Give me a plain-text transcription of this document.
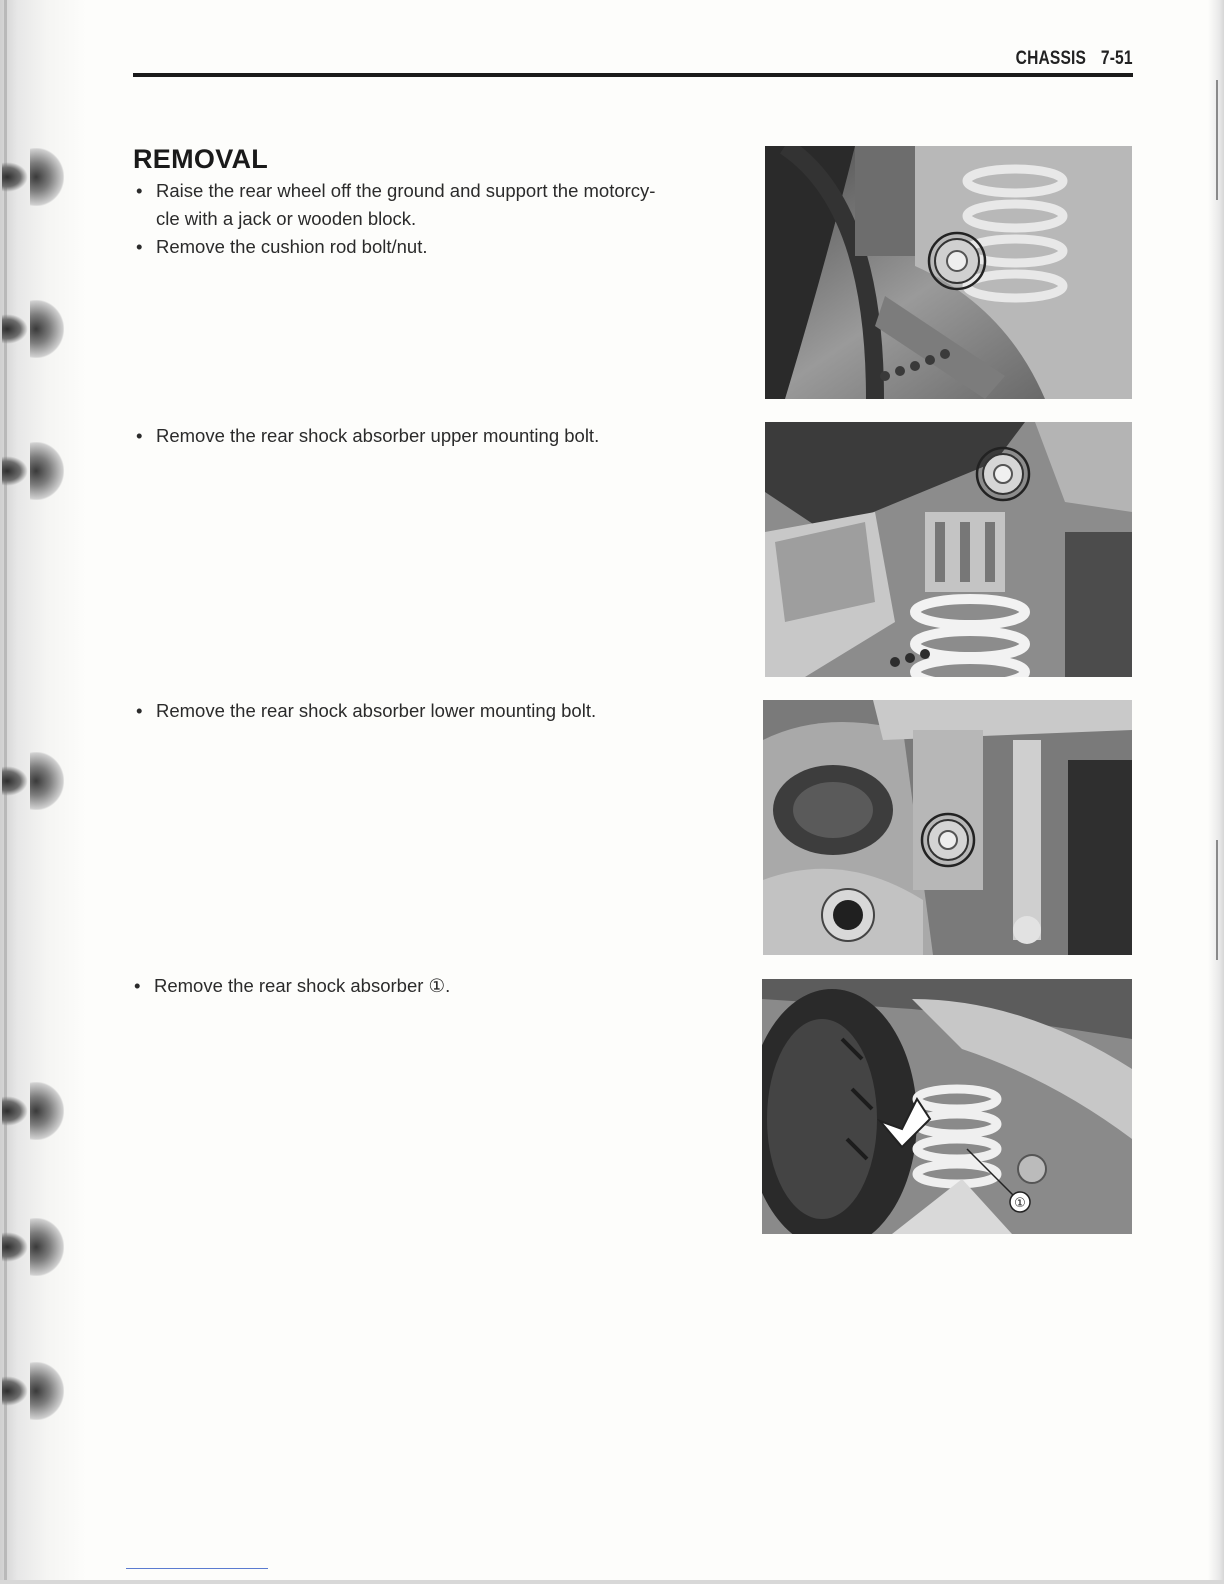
CHASSIS 7-51
REMOVAL
• Raise the rear wheel off the ground and support the motorcy-
cle with a jack or wooden block.
• Remove the cushion rod bolt/nut.
• Remove the rear shock absorber upper mounting bolt.
• Remove the rear shock absorber lower mounting bolt.
• Remove the rear shock absorber ①.
①
